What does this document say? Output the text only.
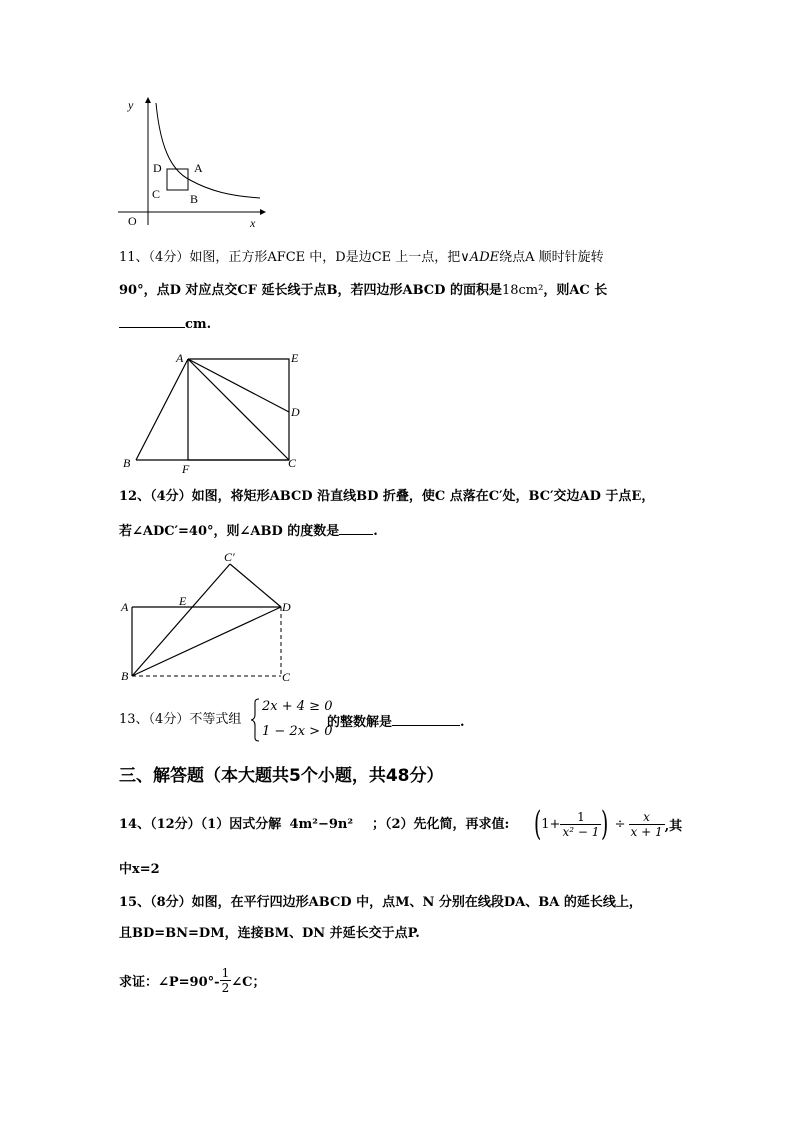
y
x
O
A
B
C
D
11、（4分）如图，正方形AFCE 中，D是边CE 上一点，把∨ADE绕点A 顺时针旋转
90°，点D 对应点交CF 延长线于点B，若四边形ABCD 的面积是18cm²，则AC 长
cm.
A	E
D
B	F	C
12、（4分）如图，将矩形ABCD 沿直线BD 折叠，使C 点落在C′处，BC′交边AD 于点E，
若∠ADC′=40°，则∠ABD 的度数是	.
C′
A	E	D
B	C
13、（4分）不等式组
2x + 4 ≥ 0
1 − 2x > 0
的整数解是	.
三、解答题（本大题共5个小题，共48分）
14、（12分）（1）因式分解 4m²−9n² ；（2）先化简，再求值: ( $1+ \frac{1}{\text{x² − 1}}$ ) ÷ $\frac{x}{x + 1}$ ,其
中x=2
15、（8分）如图，在平行四边形ABCD 中，点M、N 分别在线段DA、BA 的延长线上，
且BD=BN=DM，连接BM、DN 并延长交于点P.
求证：∠P=90°- $\frac{1}{2}$ ∠C；
